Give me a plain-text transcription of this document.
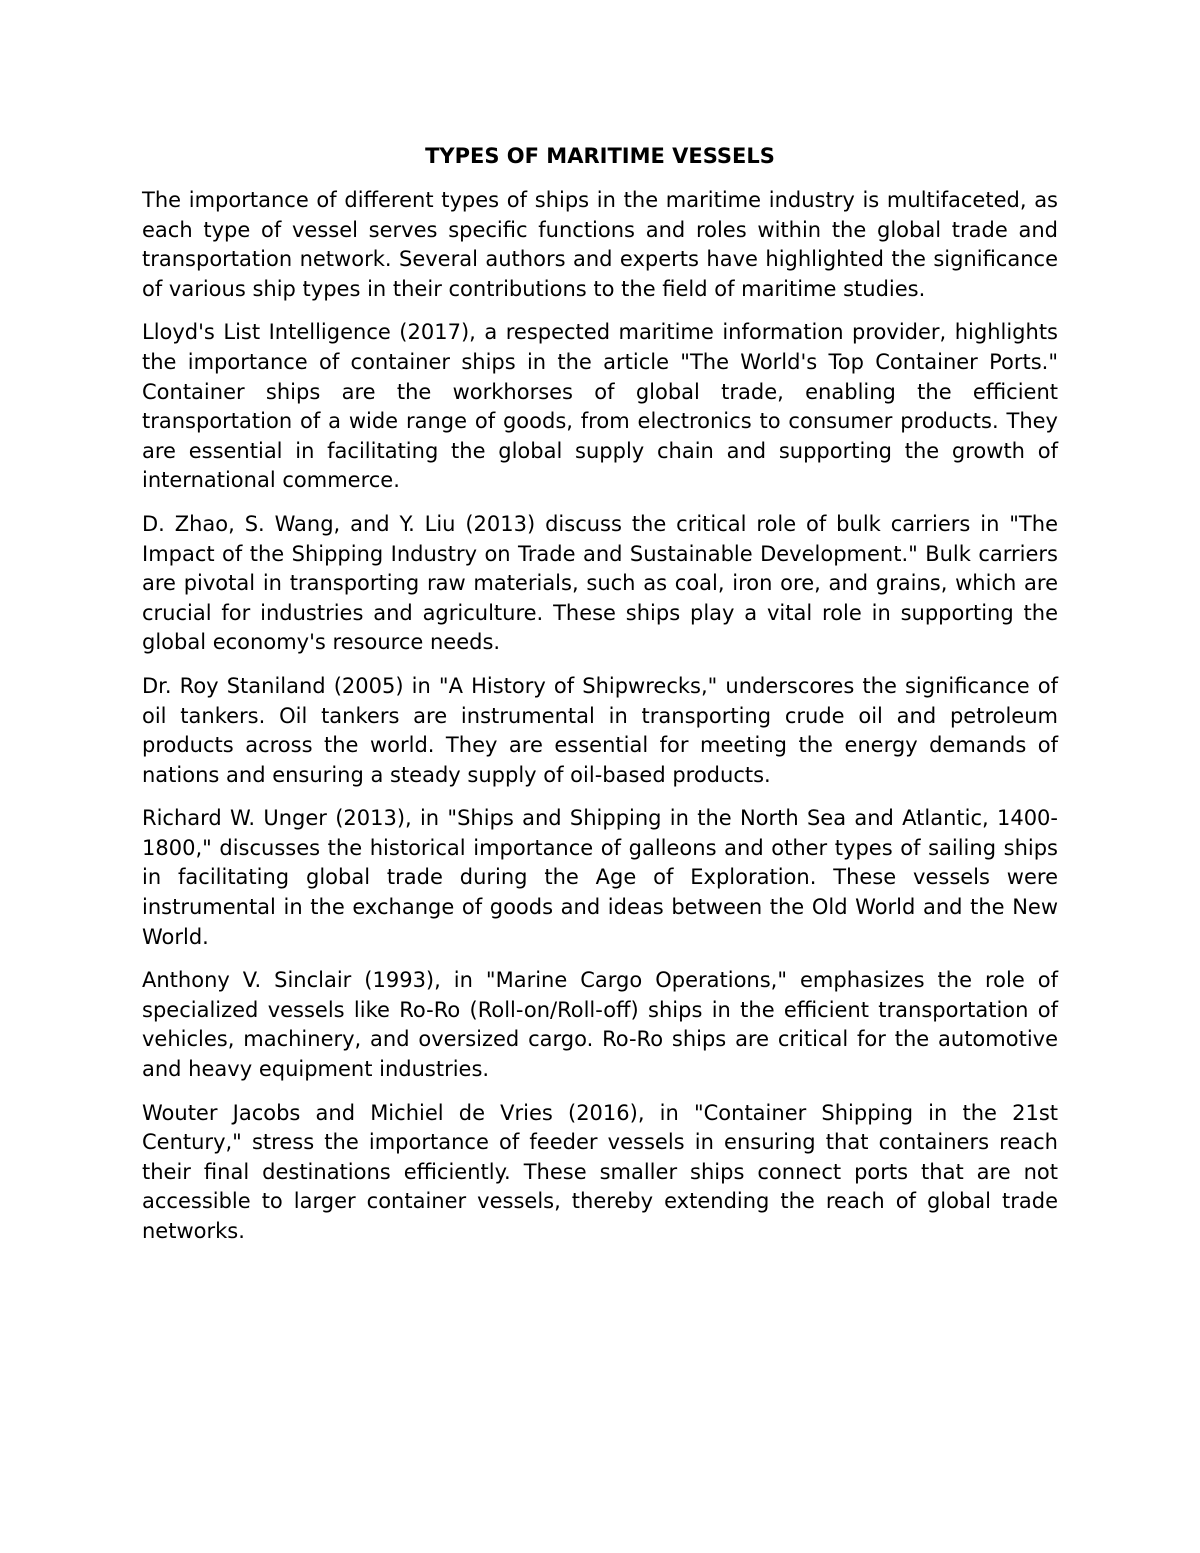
TYPES OF MARITIME VESSELS

The importance of different types of ships in the maritime industry is multifaceted, as each type of vessel serves specific functions and roles within the global trade and transportation network. Several authors and experts have highlighted the significance of various ship types in their contributions to the field of maritime studies.

Lloyd's List Intelligence (2017), a respected maritime information provider, highlights the importance of container ships in the article "The World's Top Container Ports." Container ships are the workhorses of global trade, enabling the efficient transportation of a wide range of goods, from electronics to consumer products. They are essential in facilitating the global supply chain and supporting the growth of international commerce.

D. Zhao, S. Wang, and Y. Liu (2013) discuss the critical role of bulk carriers in "The Impact of the Shipping Industry on Trade and Sustainable Development." Bulk carriers are pivotal in transporting raw materials, such as coal, iron ore, and grains, which are crucial for industries and agriculture. These ships play a vital role in supporting the global economy's resource needs.

Dr. Roy Staniland (2005) in "A History of Shipwrecks," underscores the significance of oil tankers. Oil tankers are instrumental in transporting crude oil and petroleum products across the world. They are essential for meeting the energy demands of nations and ensuring a steady supply of oil-based products.

Richard W. Unger (2013), in "Ships and Shipping in the North Sea and Atlantic, 1400-1800," discusses the historical importance of galleons and other types of sailing ships in facilitating global trade during the Age of Exploration. These vessels were instrumental in the exchange of goods and ideas between the Old World and the New World.

Anthony V. Sinclair (1993), in "Marine Cargo Operations," emphasizes the role of specialized vessels like Ro-Ro (Roll-on/Roll-off) ships in the efficient transportation of vehicles, machinery, and oversized cargo. Ro-Ro ships are critical for the automotive and heavy equipment industries.

Wouter Jacobs and Michiel de Vries (2016), in "Container Shipping in the 21st Century," stress the importance of feeder vessels in ensuring that containers reach their final destinations efficiently. These smaller ships connect ports that are not accessible to larger container vessels, thereby extending the reach of global trade networks.
